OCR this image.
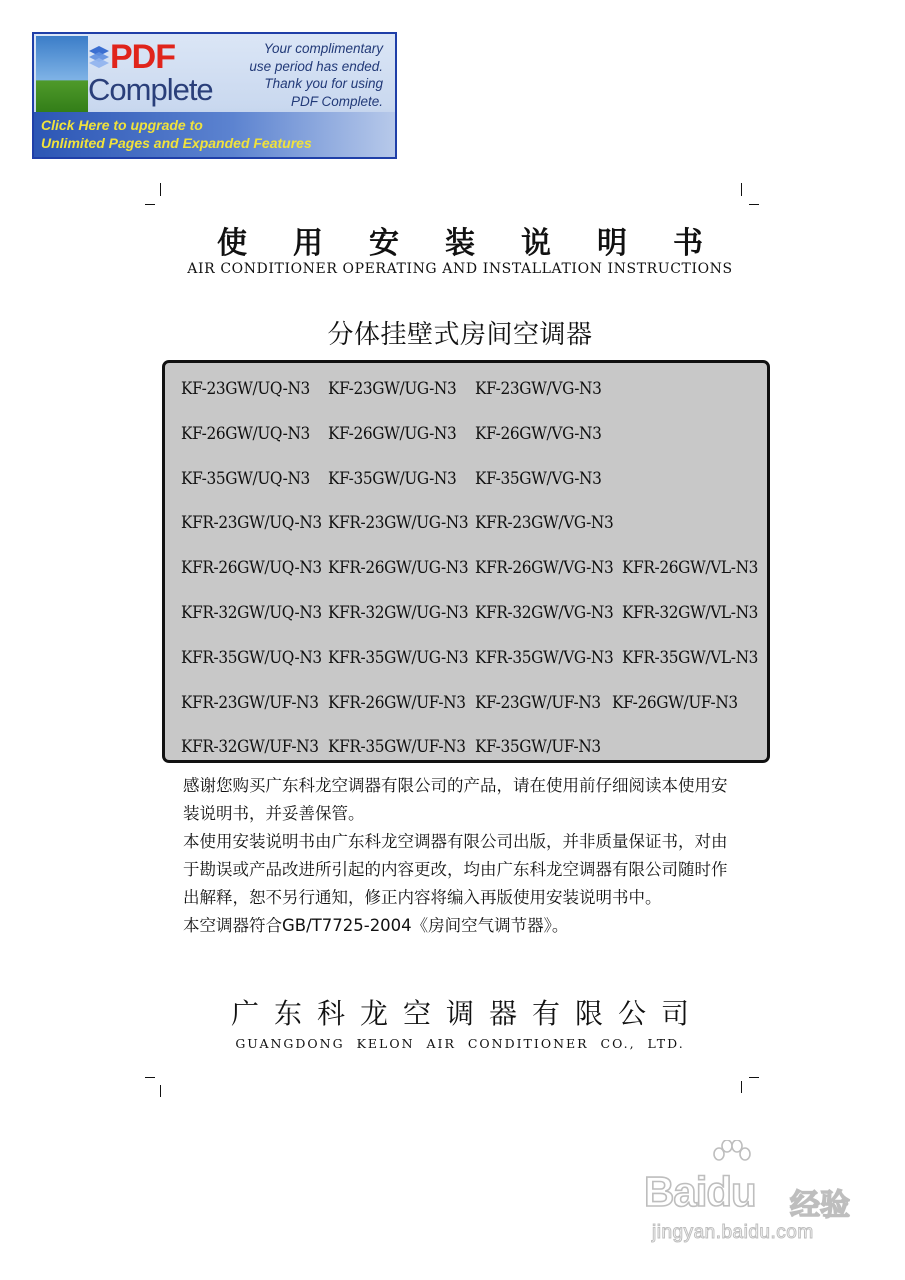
PDF
Complete
Your complimentary
use period has ended.
Thank you for using
PDF Complete.
Click Here to upgrade to
Unlimited Pages and Expanded Features
使用安装说明书
AIR CONDITIONER OPERATING AND INSTALLATION INSTRUCTIONS
分体挂壁式房间空调器
KF-23GW/UQ-N3 KF-23GW/UG-N3 KF-23GW/VG-N3
KF-26GW/UQ-N3 KF-26GW/UG-N3 KF-26GW/VG-N3
KF-35GW/UQ-N3 KF-35GW/UG-N3 KF-35GW/VG-N3
KFR-23GW/UQ-N3 KFR-23GW/UG-N3 KFR-23GW/VG-N3
KFR-26GW/UQ-N3 KFR-26GW/UG-N3 KFR-26GW/VG-N3 KFR-26GW/VL-N3
KFR-32GW/UQ-N3 KFR-32GW/UG-N3 KFR-32GW/VG-N3 KFR-32GW/VL-N3
KFR-35GW/UQ-N3 KFR-35GW/UG-N3 KFR-35GW/VG-N3 KFR-35GW/VL-N3
KFR-23GW/UF-N3 KFR-26GW/UF-N3 KF-23GW/UF-N3 KF-26GW/UF-N3
KFR-32GW/UF-N3 KFR-35GW/UF-N3 KF-35GW/UF-N3

感谢您购买广东科龙空调器有限公司的产品，请在使用前仔细阅读本使用安

装说明书，并妥善保管。

本使用安装说明书由广东科龙空调器有限公司出版，并非质量保证书，对由

于勘误或产品改进所引起的内容更改，均由广东科龙空调器有限公司随时作

出解释，恕不另行通知，修正内容将编入再版使用安装说明书中。

本空调器符合GB/T7725-2004《房间空气调节器》。

广东科龙空调器有限公司
GUANGDONG KELON AIR CONDITIONER CO., LTD.
Baidu 经验
jingyan.baidu.com
